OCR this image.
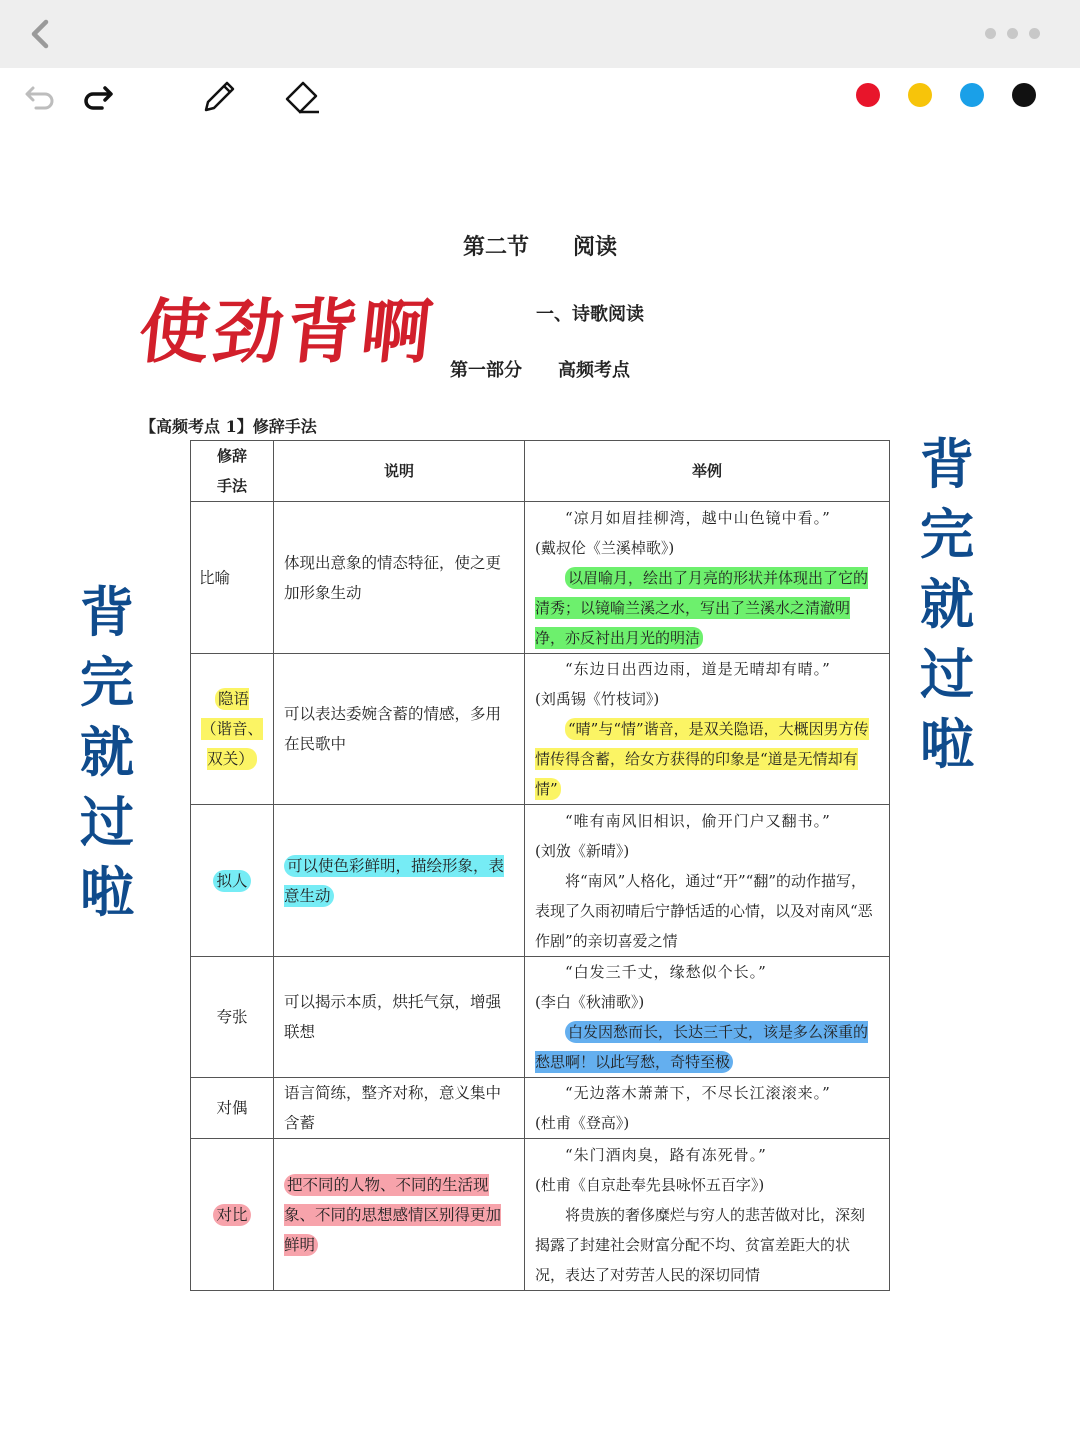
第二节　　阅读
一、诗歌阅读
第一部分　　高频考点
使劲背啊
背
完
就
过
啦
背
完
就
过
啦
【高频考点 1】修辞手法
修辞
手法	说明	举例
比喻	体现出意象的情态特征，使之更加形象生动	“凉月如眉挂柳湾，越中山色镜中看。”
(戴叔伦《兰溪棹歌》)
以眉喻月，绘出了月亮的形状并体现出了它的清秀；以镜喻兰溪之水，写出了兰溪水之清澈明净，亦反衬出月光的明洁

隐语（谐音、双关）	可以表达委婉含蓄的情感，多用在民歌中	“东边日出西边雨，道是无晴却有晴。”
(刘禹锡《竹枝词》)
“晴”与“情”谐音，是双关隐语，大概因男方传情传得含蓄，给女方获得的印象是“道是无情却有情”

拟人	可以使色彩鲜明，描绘形象，表意生动	“唯有南风旧相识，偷开门户又翻书。”
(刘攽《新晴》)
将“南风”人格化，通过“开”“翻”的动作描写，表现了久雨初晴后宁静恬适的心情，以及对南风“恶作剧”的亲切喜爱之情

夸张	可以揭示本质，烘托气氛，增强联想	“白发三千丈，缘愁似个长。”
(李白《秋浦歌》)
白发因愁而长，长达三千丈，该是多么深重的愁思啊！以此写愁，奇特至极

对偶	语言简练，整齐对称，意义集中含蓄	“无边落木萧萧下，不尽长江滚滚来。”
(杜甫《登高》)

对比	把不同的人物、不同的生活现象、不同的思想感情区别得更加鲜明	“朱门酒肉臭，路有冻死骨。”
(杜甫《自京赴奉先县咏怀五百字》)
将贵族的奢侈糜烂与穷人的悲苦做对比，深刻揭露了封建社会财富分配不均、贫富差距大的状况，表达了对劳苦人民的深切同情
